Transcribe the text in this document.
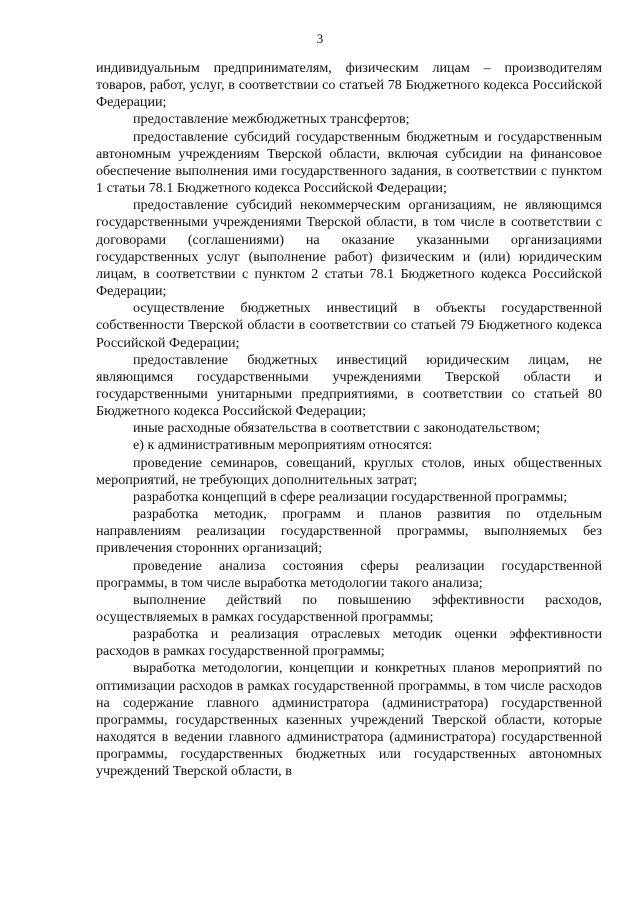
3

индивидуальным предпринимателям, физическим лицам – производителям товаров, работ, услуг, в соответствии со статьей 78 Бюджетного кодекса Российской Федерации;

предоставление межбюджетных трансфертов;

предоставление субсидий государственным бюджетным и государственным автономным учреждениям Тверской области, включая субсидии на финансовое обеспечение выполнения ими государственного задания, в соответствии с пунктом 1 статьи 78.1 Бюджетного кодекса Российской Федерации;

предоставление субсидий некоммерческим организациям, не являющимся государственными учреждениями Тверской области, в том числе в соответствии с договорами (соглашениями) на оказание указанными организациями государственных услуг (выполнение работ) физическим и (или) юридическим лицам, в соответствии с пунктом 2 статьи 78.1 Бюджетного кодекса Российской Федерации;

осуществление бюджетных инвестиций в объекты государственной собственности Тверской области в соответствии со статьей 79 Бюджетного кодекса Российской Федерации;

предоставление бюджетных инвестиций юридическим лицам, не являющимся государственными учреждениями Тверской области и государственными унитарными предприятиями, в соответствии со статьей 80 Бюджетного кодекса Российской Федерации;

иные расходные обязательства в соответствии с законодательством;

е) к административным мероприятиям относятся:

проведение семинаров, совещаний, круглых столов, иных общественных мероприятий, не требующих дополнительных затрат;

разработка концепций в сфере реализации государственной программы;

разработка методик, программ и планов развития по отдельным направлениям реализации государственной программы, выполняемых без привлечения сторонних организаций;

проведение анализа состояния сферы реализации государственной программы, в том числе выработка методологии такого анализа;

выполнение действий по повышению эффективности расходов, осуществляемых в рамках государственной программы;

разработка и реализация отраслевых методик оценки эффективности расходов в рамках государственной программы;

выработка методологии, концепции и конкретных планов мероприятий по оптимизации расходов в рамках государственной программы, в том числе расходов на содержание главного администратора (администратора) государственной программы, государственных казенных учреждений Тверской области, которые находятся в ведении главного администратора (администратора) государственной программы, государственных бюджетных или государственных автономных учреждений Тверской области, в
